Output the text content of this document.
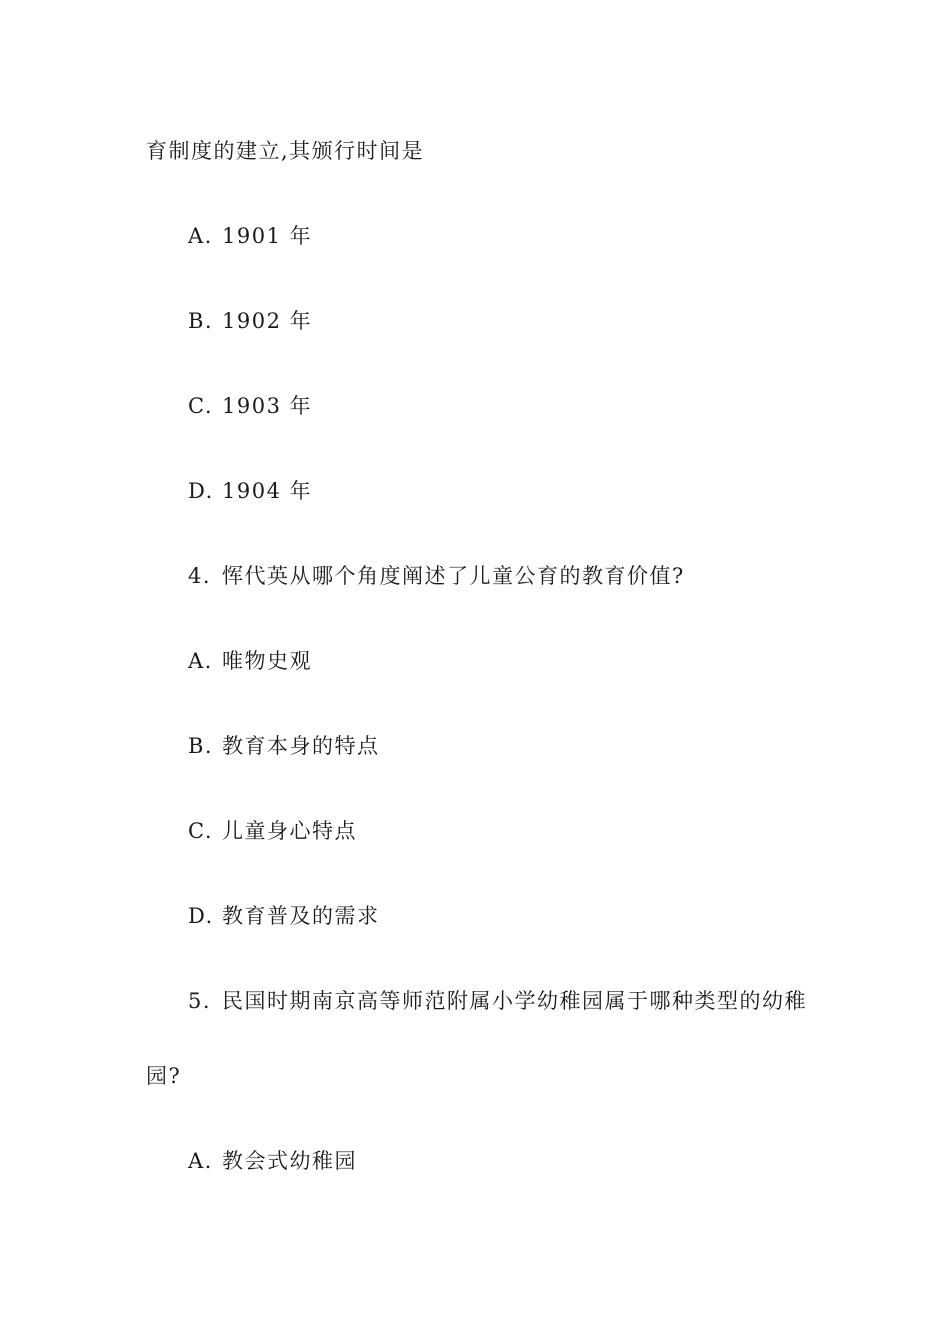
育制度的建立,其颁行时间是
A. 1901 年
B. 1902 年
C. 1903 年
D. 1904 年
4. 恽代英从哪个角度阐述了儿童公育的教育价值?
A. 唯物史观
B. 教育本身的特点
C. 儿童身心特点
D. 教育普及的需求
5. 民国时期南京高等师范附属小学幼稚园属于哪种类型的幼稚
园?
A. 教会式幼稚园
